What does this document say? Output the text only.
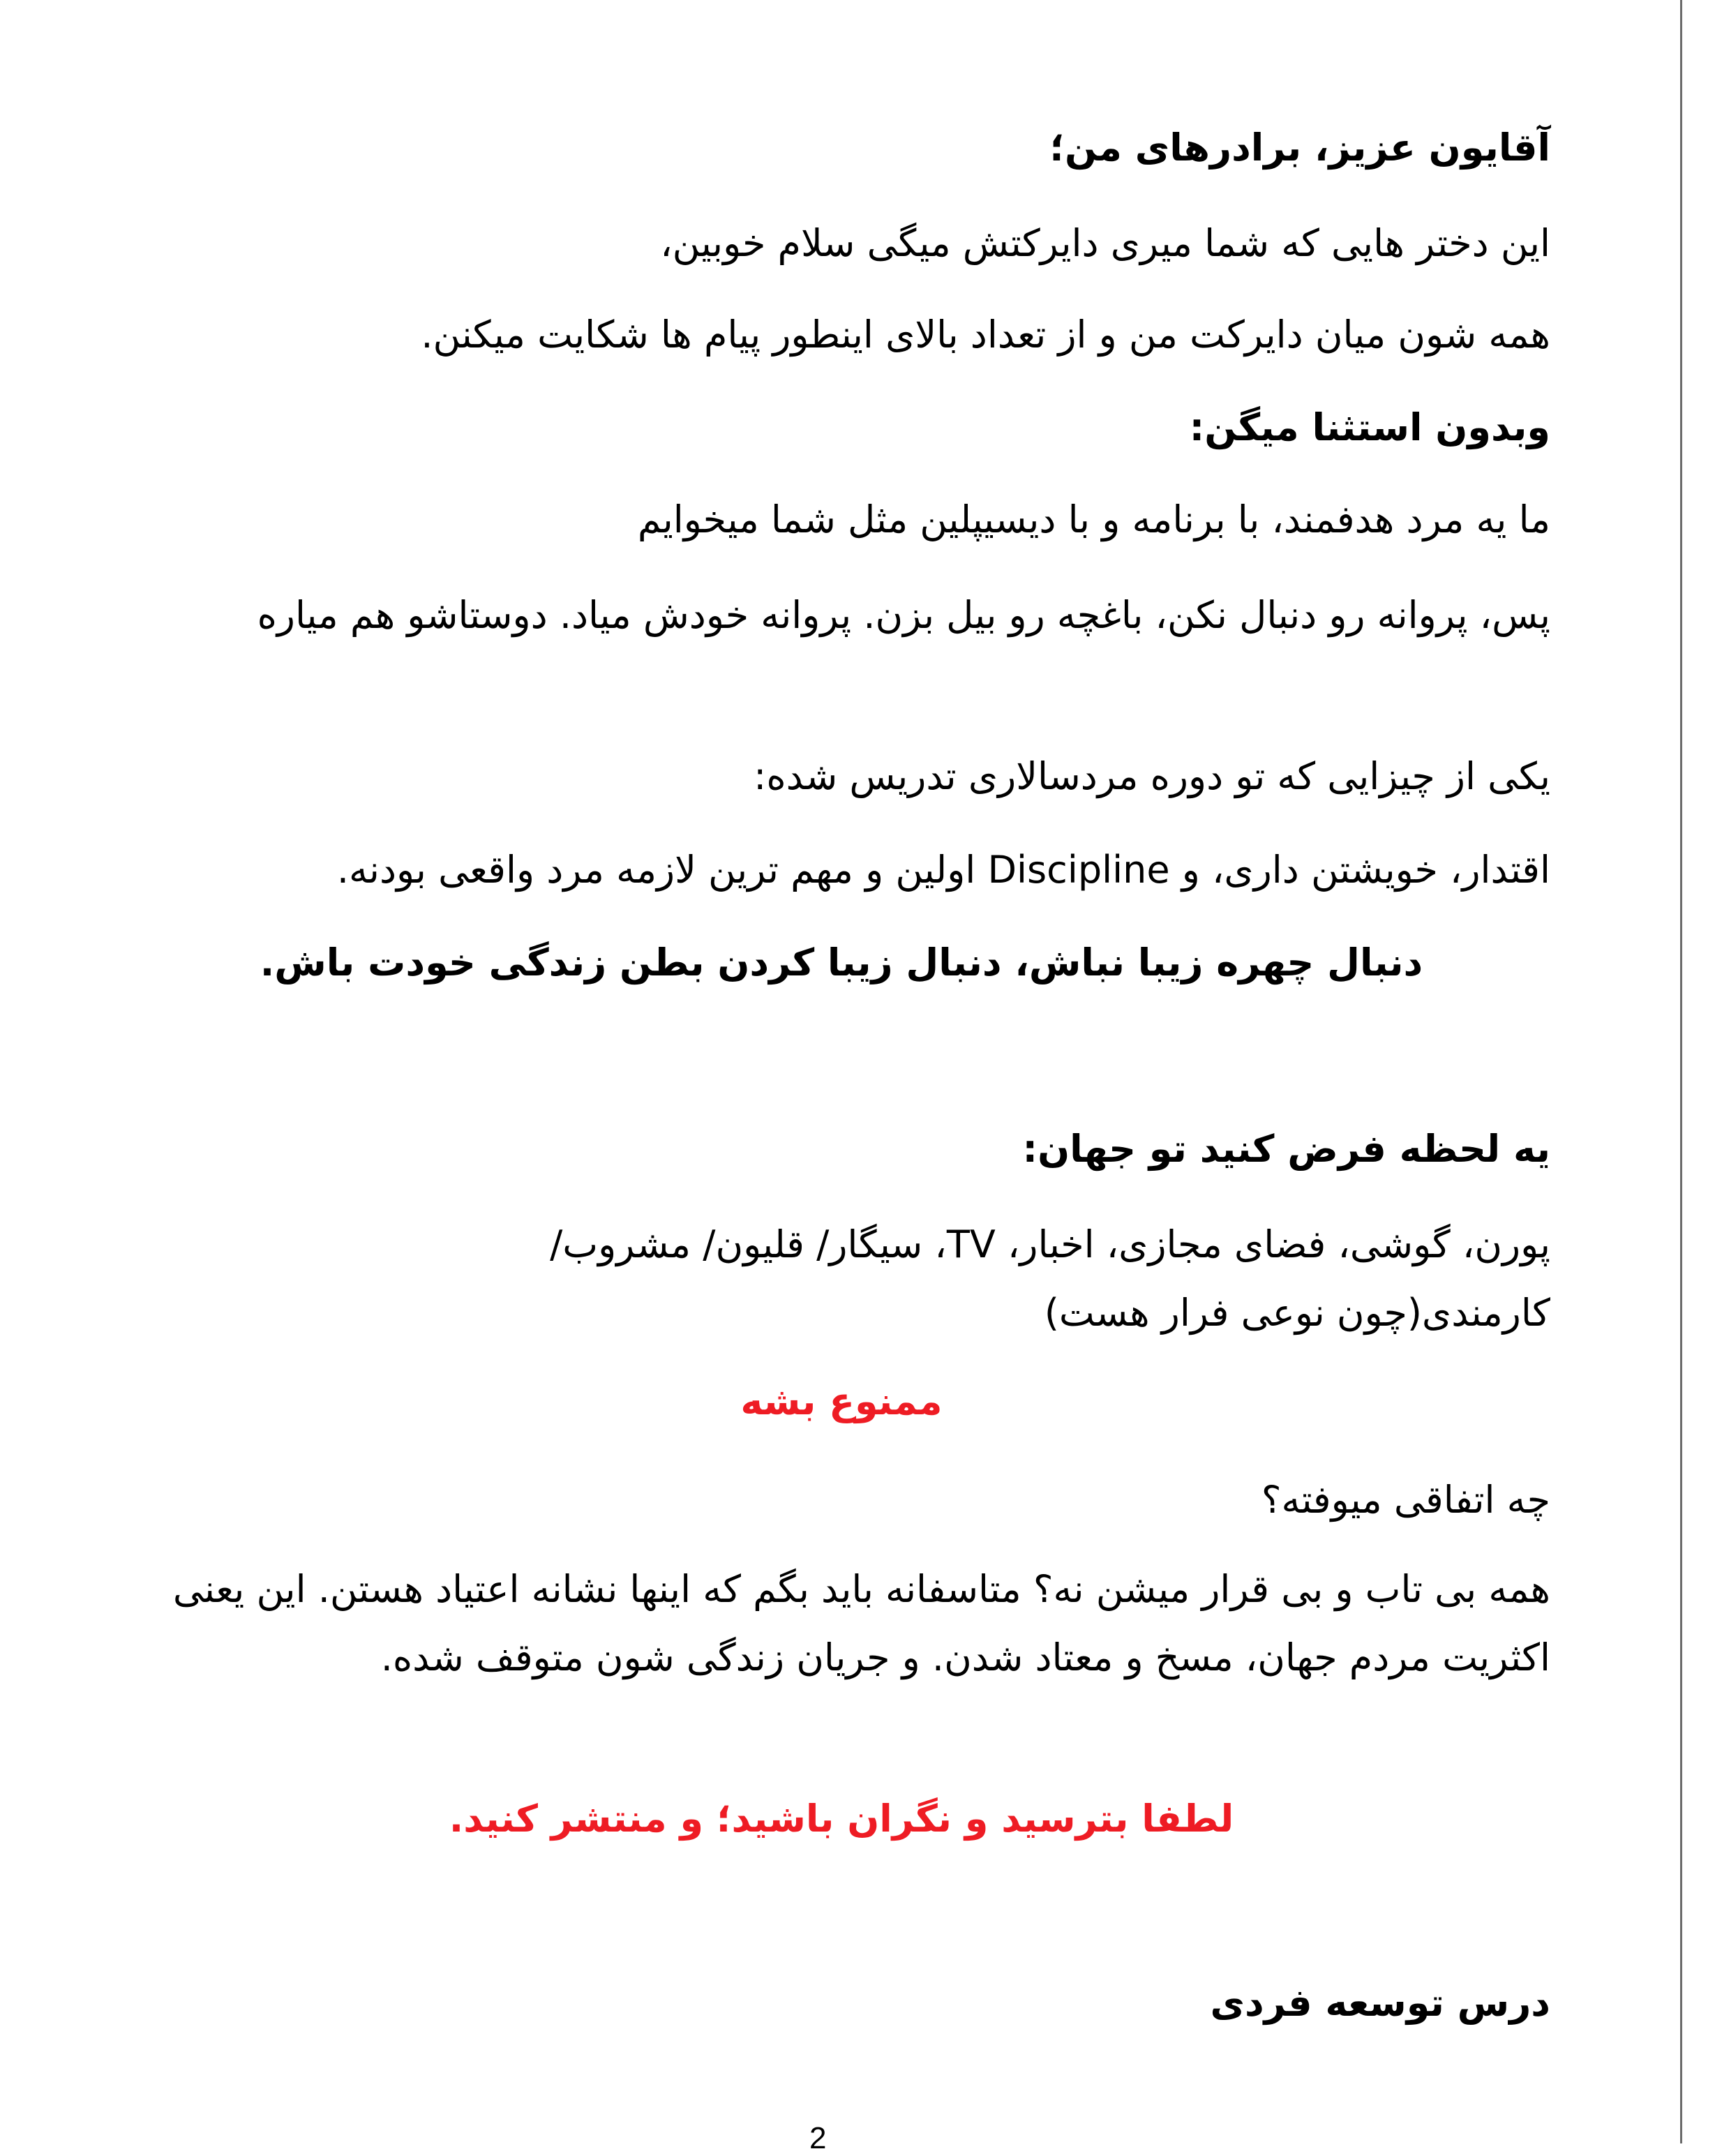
آقایون عزیز، برادرهای من؛
این دختر هایی که شما میری دایرکتش میگی سلام خوبین،
همه شون میان دایرکت من و از تعداد بالای اینطور پیام ها شکایت میکنن.
وبدون استثنا میگن:
ما یه مرد هدفمند، با برنامه و با دیسیپلین مثل شما میخوایم
پس، پروانه رو دنبال نکن، باغچه رو بیل بزن. پروانه خودش میاد. دوستاشو هم میاره
یکی از چیزایی که تو دوره مردسالاری تدریس شده:
اقتدار، خویشتن داری، و Discipline اولین و مهم ترین لازمه مرد واقعی بودنه.
دنبال چهره زیبا نباش، دنبال زیبا کردن بطن زندگی خودت باش.
یه لحظه فرض کنید تو جهان:
پورن، گوشی، فضای مجازی، اخبار، TV، سیگار/ قلیون/ مشروب/ کارمندی(چون نوعی فرار هست)
ممنوع بشه
چه اتفاقی میوفته؟
همه بی تاب و بی قرار میشن نه؟ متاسفانه باید بگم که اینها نشانه اعتیاد هستن. این یعنی اکثریت مردم جهان، مسخ و معتاد شدن. و جریان زندگی شون متوقف شده.
لطفا بترسید و نگران باشید؛ و منتشر کنید.
درس توسعه فردی
2
